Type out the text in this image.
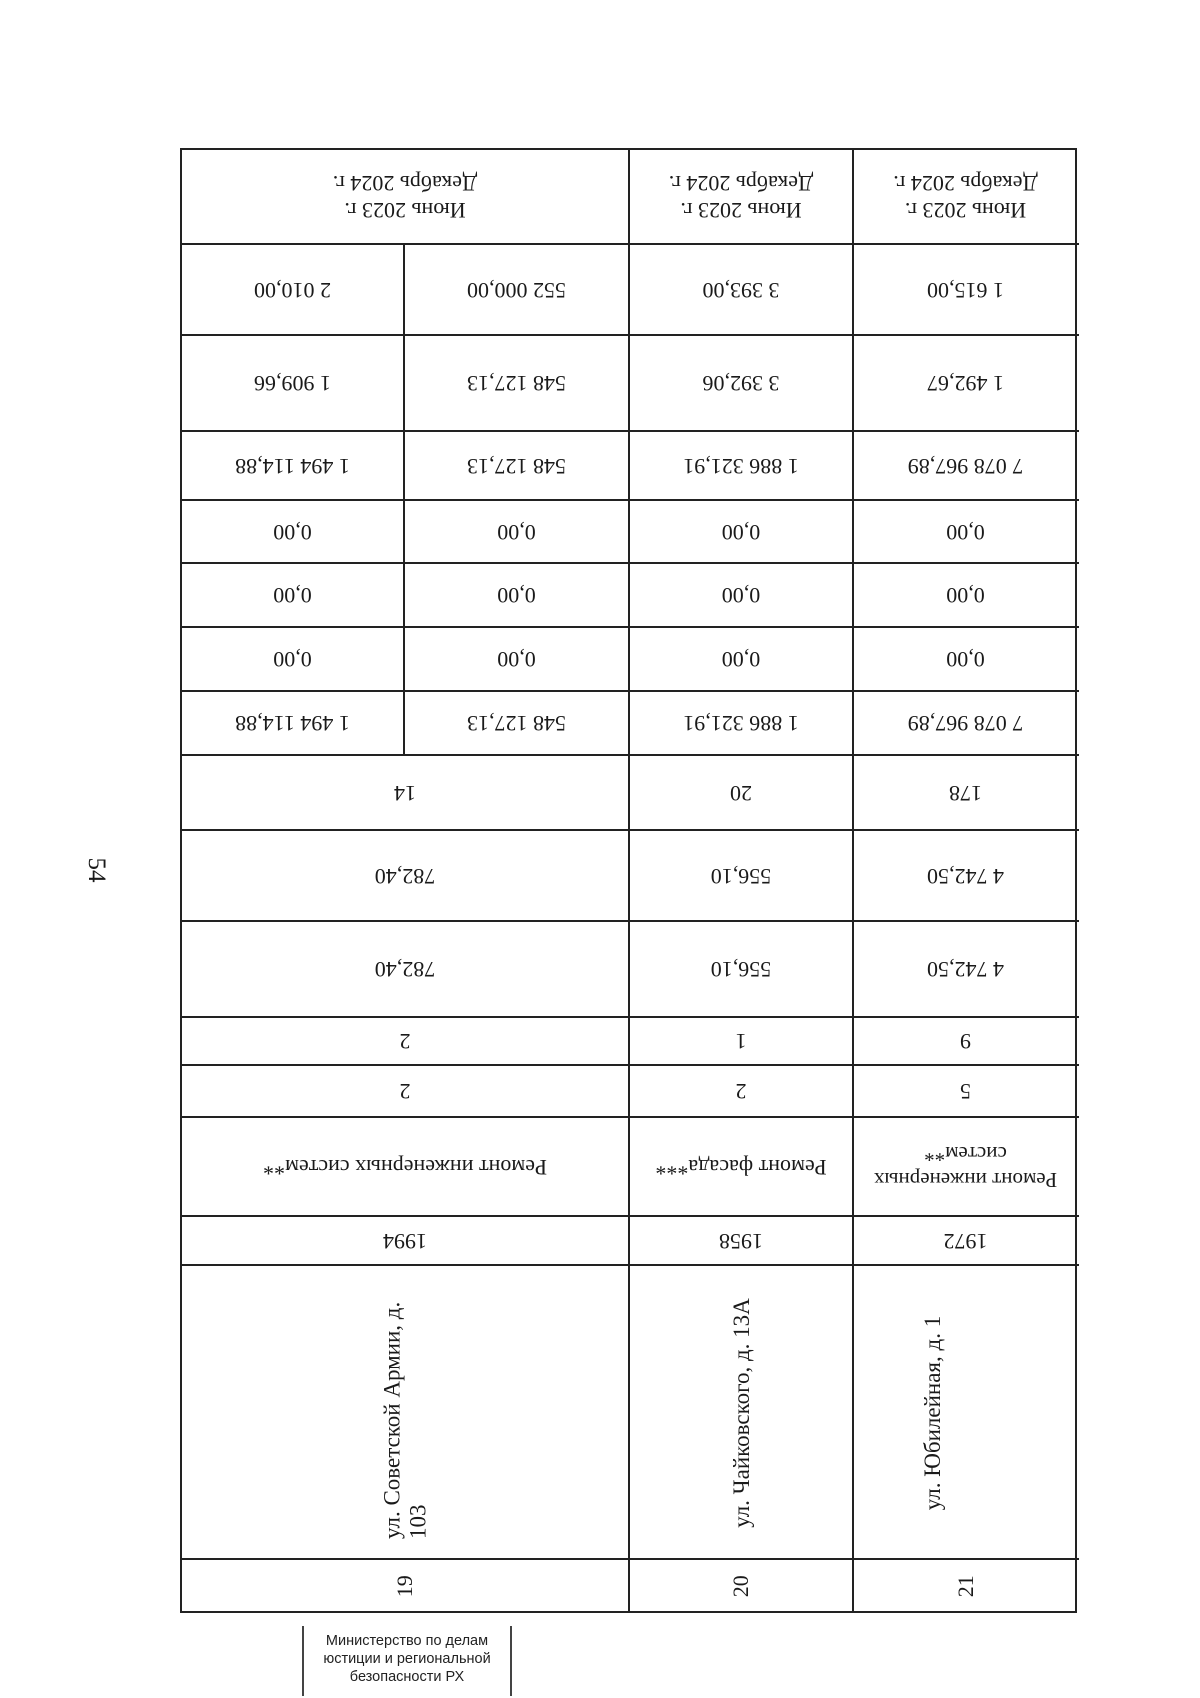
54
Июнь 2023 г.
Декабрь 2024 г.
1 615,00
1 492,67
7 078 967,89
0,00
0,00
0,00
7 078 967,89
178
4 742,50
4 742,50
9
5
Ремонт инженерных систем**
1972
21
Июнь 2023 г.
Декабрь 2024 г.
3 393,00
3 392,06
1 886 321,91
0,00
0,00
0,00
1 886 321,91
20
556,10
556,10
1
2
Ремонт фасада***
1958
20
Июнь 2023 г.
Декабрь 2024 г.
552 000,00
548 127,13
548 127,13
0,00
0,00
0,00
548 127,13
2 010,00
1 909,66
1 494 114,88
0,00
0,00
0,00
1 494 114,88
14
782,40
782,40
2
2
Ремонт инженерных систем**
1994
19
ул. Юбилейная, д. 1
ул. Чайковского, д. 13А
ул. Советской Армии, д. 103
Министерство по делам
юстиции и региональной
безопасности РХ
